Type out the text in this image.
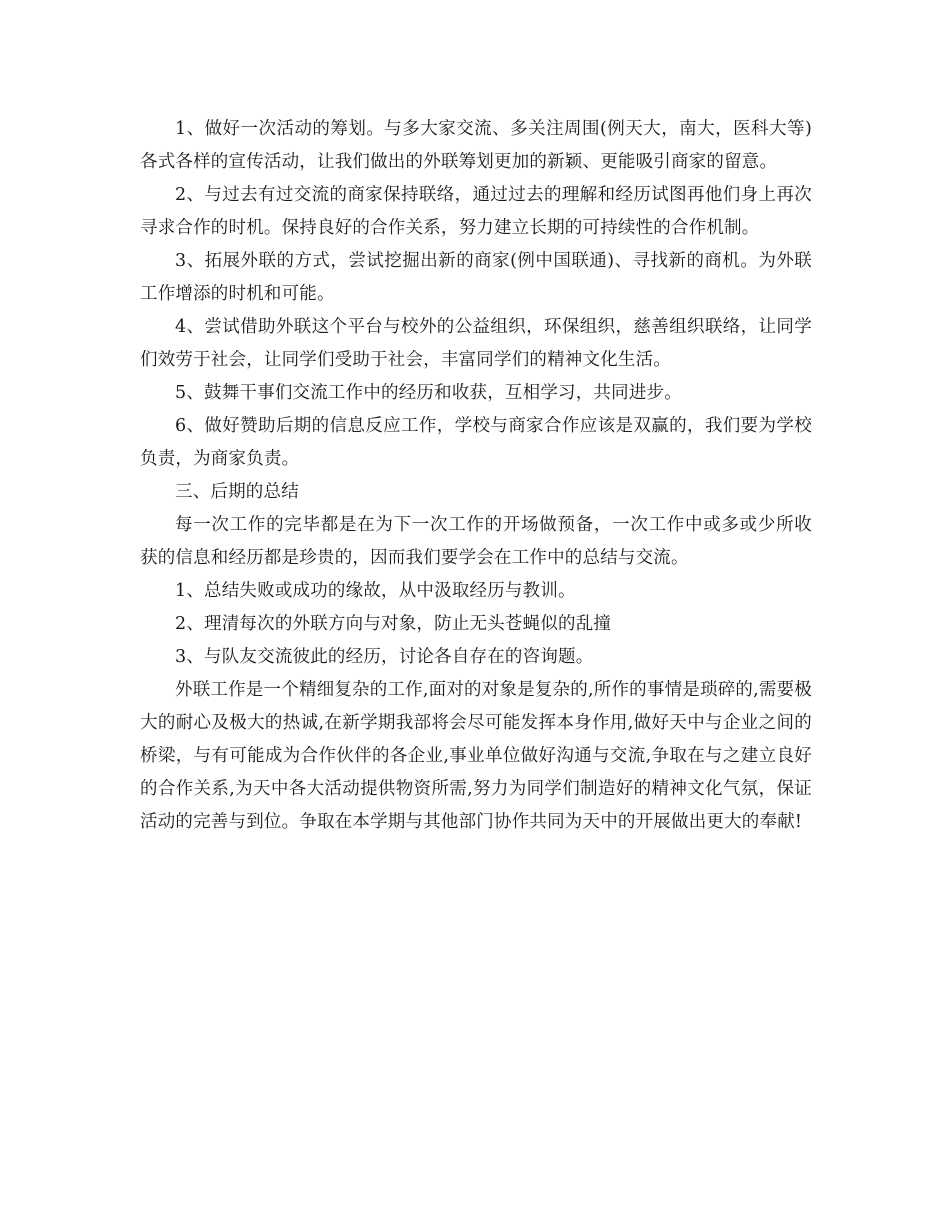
1、做好一次活动的筹划。与多大家交流、多关注周围(例天大，南大，医科大等)各式各样的宣传活动，让我们做出的外联筹划更加的新颖、更能吸引商家的留意。

2、与过去有过交流的商家保持联络，通过过去的理解和经历试图再他们身上再次寻求合作的时机。保持良好的合作关系，努力建立长期的可持续性的合作机制。

3、拓展外联的方式，尝试挖掘出新的商家(例中国联通)、寻找新的商机。为外联工作增添的时机和可能。

4、尝试借助外联这个平台与校外的公益组织，环保组织，慈善组织联络，让同学们效劳于社会，让同学们受助于社会，丰富同学们的精神文化生活。

5、鼓舞干事们交流工作中的经历和收获，互相学习，共同进步。

6、做好赞助后期的信息反应工作，学校与商家合作应该是双赢的，我们要为学校负责，为商家负责。

三、后期的总结

每一次工作的完毕都是在为下一次工作的开场做预备，一次工作中或多或少所收获的信息和经历都是珍贵的，因而我们要学会在工作中的总结与交流。

1、总结失败或成功的缘故，从中汲取经历与教训。

2、理清每次的外联方向与对象，防止无头苍蝇似的乱撞

3、与队友交流彼此的经历，讨论各自存在的咨询题。

外联工作是一个精细复杂的工作,面对的对象是复杂的,所作的事情是琐碎的,需要极大的耐心及极大的热诚,在新学期我部将会尽可能发挥本身作用,做好天中与企业之间的桥梁，与有可能成为合作伙伴的各企业,事业单位做好沟通与交流,争取在与之建立良好的合作关系,为天中各大活动提供物资所需,努力为同学们制造好的精神文化气氛，保证活动的完善与到位。争取在本学期与其他部门协作共同为天中的开展做出更大的奉献!
